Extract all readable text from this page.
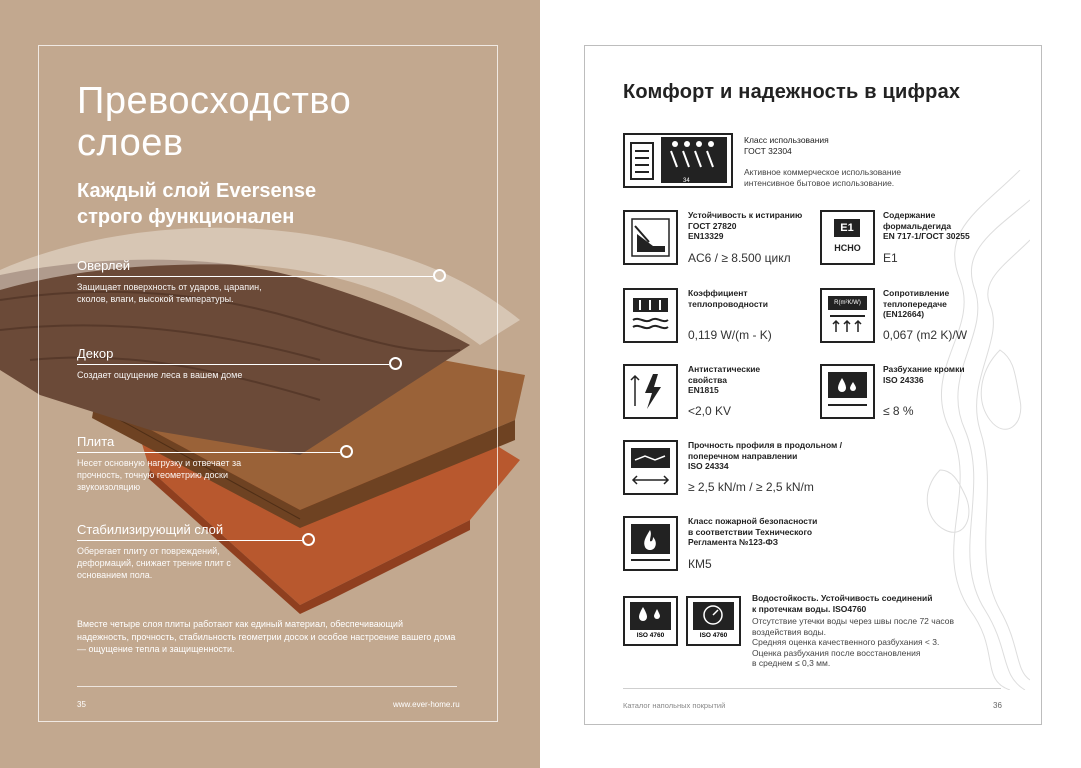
Превосходство
слоев
Каждый слой Eversense
строго функционален
Оверлей
Защищает поверхность от ударов, царапин, сколов, влаги, высокой температуры.
Декор
Создает ощущение леса в вашем доме
Плита
Несет основную нагрузку и отвечает за прочность, точную геометрию доски звукоизоляцию
Стабилизирующий слой
Оберегает плиту от повреждений, деформаций, снижает трение плит с основанием пола.
Вместе четыре слоя плиты работают как единый материал, обеспечивающий надежность, прочность, стабильность геометрии досок и особое настроение вашего дома — ощущение тепла и защищенности.
35	www.ever-home.ru
Комфорт и надежность в цифрах
34
Класс использования
ГОСТ 32304
Активное коммерческое использование
интенсивное бытовое использование.
Устойчивость к истиранию
ГОСТ 27820
EN13329
AC6 / ≥ 8.500 цикл
E1
HCHO
Содержание
формальдегида
EN 717-1/ГОСТ 30255
E1
Коэффициент
теплопроводности
0,119 W/(m - K)
R(m²K/W)
Сопротивление
теплопередаче
(EN12664)
0,067 (m2 K)/W
Антистатические
свойства
EN1815
<2,0 KV
Разбухание кромки
ISO 24336
≤ 8 %
Прочность профиля в продольном /
поперечном направлении
ISO 24334
≥ 2,5 kN/m / ≥ 2,5 kN/m
Класс пожарной безопасности
в соответствии Технического
Регламента №123-ФЗ
КМ5
ISO 4760	ISO 4760
Водостойкость. Устойчивость соединений
к протечкам воды. ISO4760
Отсутствие утечки воды через швы после 72 часов
воздействия воды.
Средняя оценка качественного разбухания < 3.
Оценка разбухания после восстановления
в среднем ≤ 0,3 мм.
Каталог напольных покрытий	36
